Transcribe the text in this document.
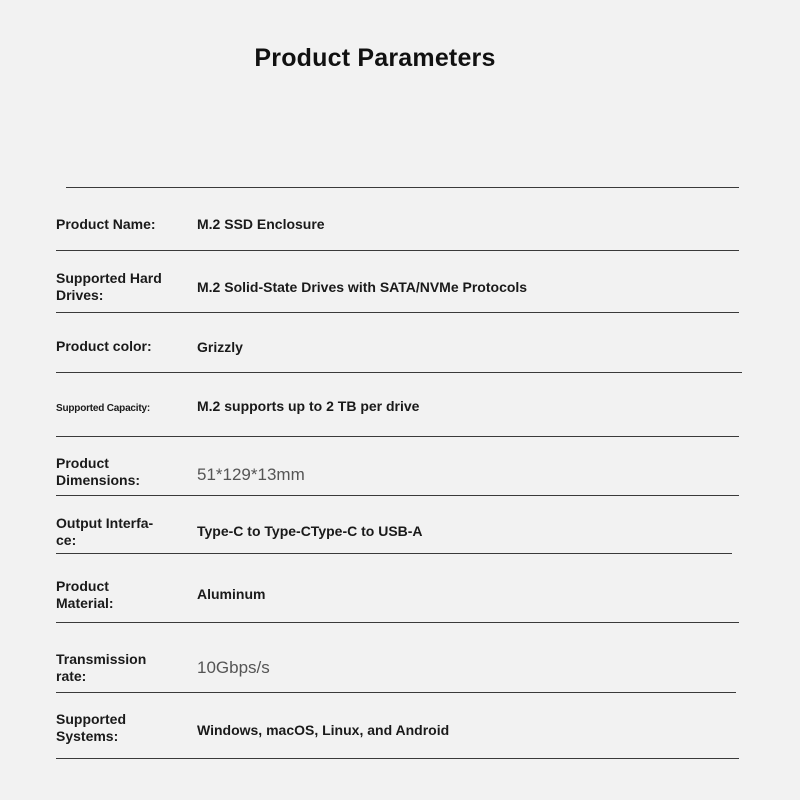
Product Parameters
Product Name:	M.2 SSD Enclosure
Supported Hard Drives:	M.2 Solid-State Drives with SATA/NVMe Protocols
Product color:	Grizzly
Supported Capacity:	M.2 supports up to 2 TB per drive
Product Dimensions:	51*129*13mm
Output Interfa-ce:
Type-C to Type-CType-C to USB-A
Product Material:
Aluminum
Transmission rate:	10Gbps/s
Supported Systems:	Windows, macOS, Linux, and Android
